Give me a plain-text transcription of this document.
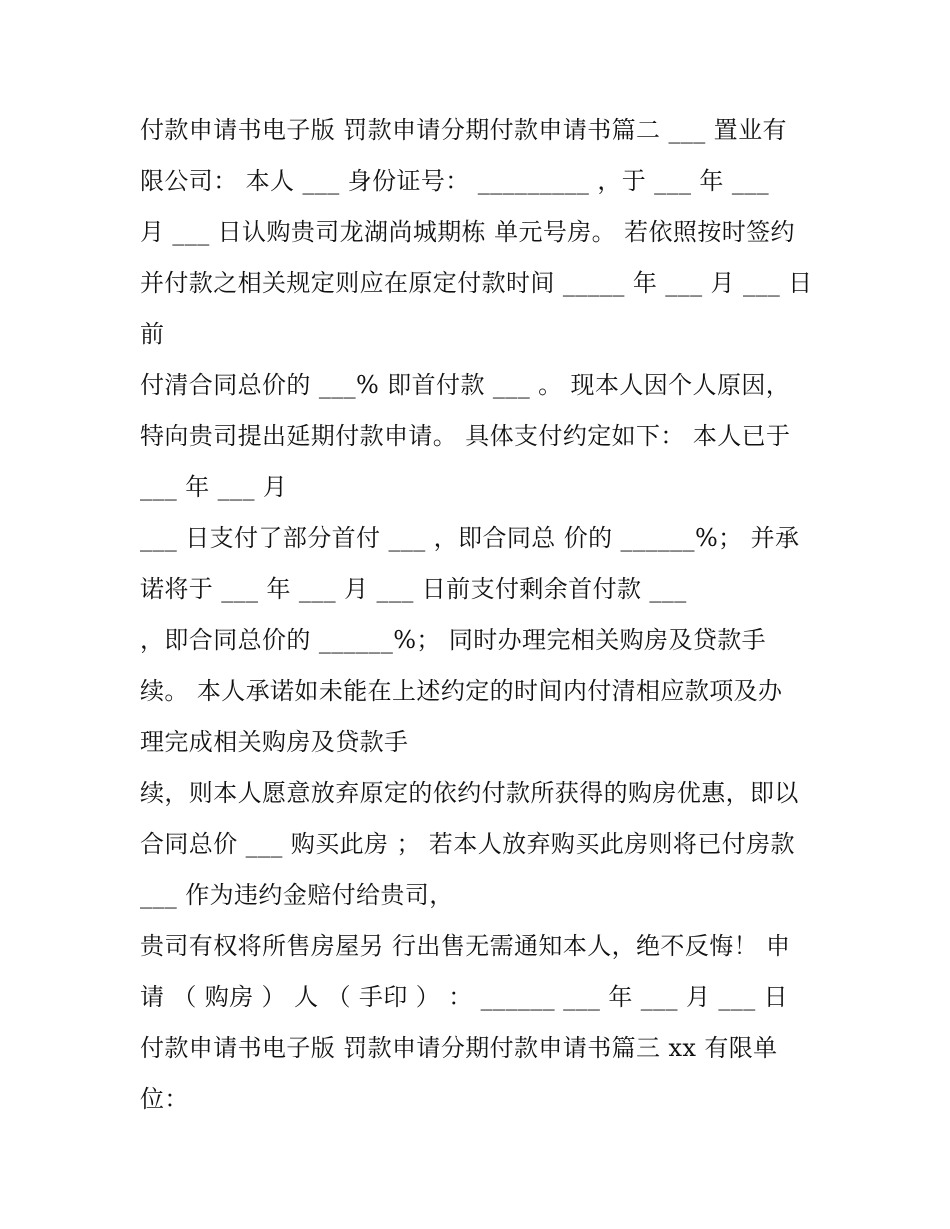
付款申请书电子版 罚款申请分期付款申请书篇二 ___ 置业有
限公司： 本人 ___ 身份证号： _________ ，于 ___ 年 ___
月 ___ 日认购贵司龙湖尚城期栋 单元号房。 若依照按时签约
并付款之相关规定则应在原定付款时间 _____ 年 ___ 月 ___ 日
前
付清合同总价的 ___% 即首付款 ___ 。 现本人因个人原因，
特向贵司提出延期付款申请。 具体支付约定如下： 本人已于
___ 年 ___ 月
___ 日支付了部分首付 ___ ，即合同总 价的 ______%； 并承
诺将于 ___ 年 ___ 月 ___ 日前支付剩余首付款 ___
，即合同总价的 ______%； 同时办理完相关购房及贷款手
续。 本人承诺如未能在上述约定的时间内付清相应款项及办
理完成相关购房及贷款手
续，则本人愿意放弃原定的依约付款所获得的购房优惠，即以
合同总价 ___ 购买此房 ； 若本人放弃购买此房则将已付房款
___ 作为违约金赔付给贵司，
贵司有权将所售房屋另 行出售无需通知本人，绝不反悔！ 申
请 （ 购房 ） 人 （ 手印 ） ： ______ ___ 年 ___ 月 ___ 日
付款申请书电子版 罚款申请分期付款申请书篇三 xx 有限单
位：
